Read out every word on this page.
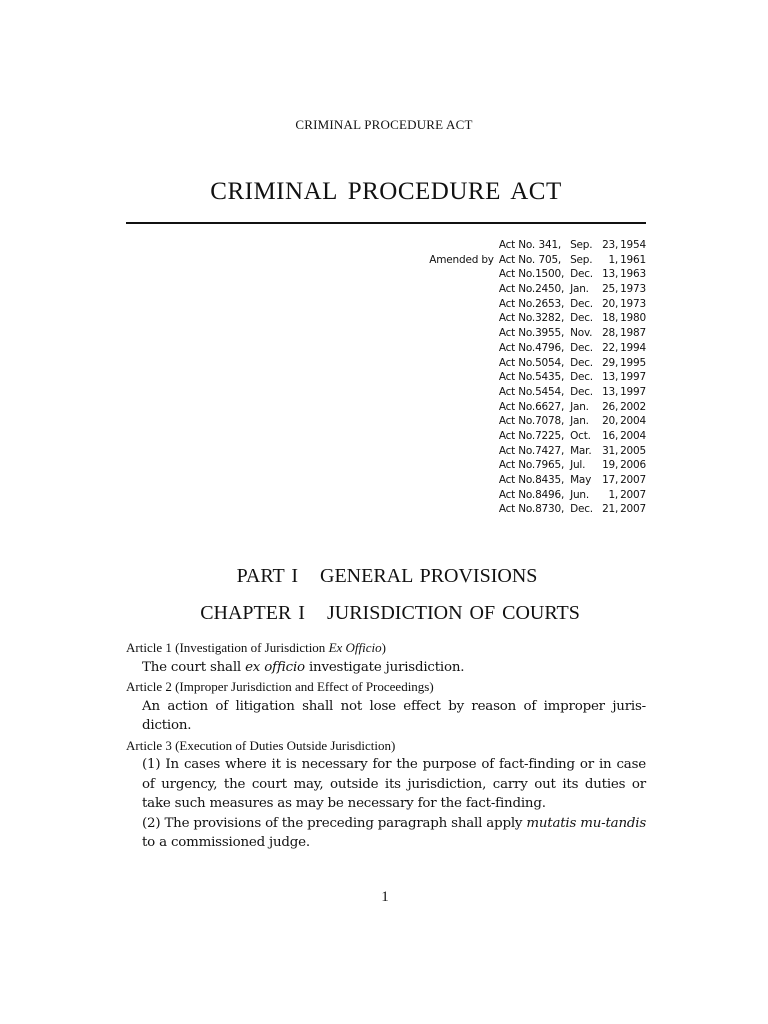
CRIMINAL PROCEDURE ACT
CRIMINAL PROCEDURE ACT
Act No. 341, Sep. 23, 1954
Amended by Act No. 705, Sep. 1, 1961
Act No.1500, Dec. 13, 1963
Act No.2450, Jan. 25, 1973
Act No.2653, Dec. 20, 1973
Act No.3282, Dec. 18, 1980
Act No.3955, Nov. 28, 1987
Act No.4796, Dec. 22, 1994
Act No.5054, Dec. 29, 1995
Act No.5435, Dec. 13, 1997
Act No.5454, Dec. 13, 1997
Act No.6627, Jan. 26, 2002
Act No.7078, Jan. 20, 2004
Act No.7225, Oct. 16, 2004
Act No.7427, Mar. 31, 2005
Act No.7965, Jul. 19, 2006
Act No.8435, May 17, 2007
Act No.8496, Jun. 1, 2007
Act No.8730, Dec. 21, 2007
PART I GENERAL PROVISIONS
CHAPTER I JURISDICTION OF COURTS
Article 1 (Investigation of Jurisdiction Ex Officio)
The court shall ex officio investigate jurisdiction.
Article 2 (Improper Jurisdiction and Effect of Proceedings)
An action of litigation shall not lose effect by reason of improper juris-diction.
Article 3 (Execution of Duties Outside Jurisdiction)
(1) In cases where it is necessary for the purpose of fact-finding or in case of urgency, the court may, outside its jurisdiction, carry out its duties or take such measures as may be necessary for the fact-finding.
(2) The provisions of the preceding paragraph shall apply mutatis mu-tandis to a commissioned judge.
1
